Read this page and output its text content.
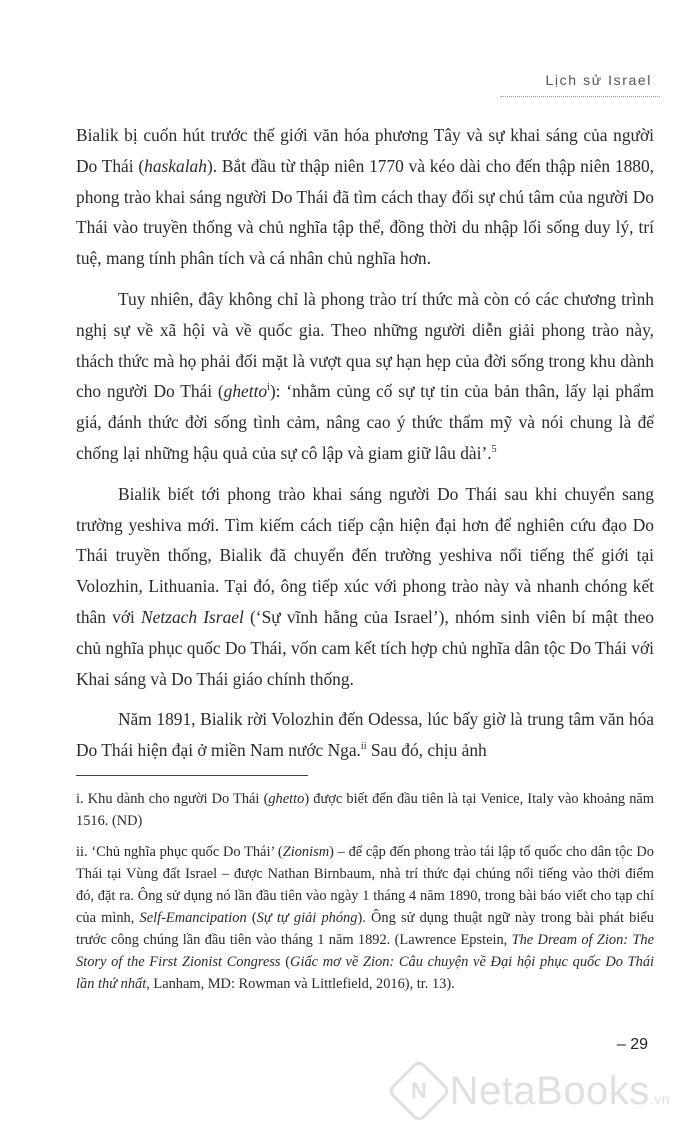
Lịch sử Israel

Bialik bị cuốn hút trước thế giới văn hóa phương Tây và sự khai sáng của người Do Thái (haskalah). Bắt đầu từ thập niên 1770 và kéo dài cho đến thập niên 1880, phong trào khai sáng người Do Thái đã tìm cách thay đổi sự chú tâm của người Do Thái vào truyền thống và chủ nghĩa tập thể, đồng thời du nhập lối sống duy lý, trí tuệ, mang tính phân tích và cá nhân chủ nghĩa hơn.

Tuy nhiên, đây không chỉ là phong trào trí thức mà còn có các chương trình nghị sự về xã hội và về quốc gia. Theo những người diễn giải phong trào này, thách thức mà họ phải đối mặt là vượt qua sự hạn hẹp của đời sống trong khu dành cho người Do Thái (ghetto$^i$): ‘nhằm củng cố sự tự tin của bản thân, lấy lại phẩm giá, đánh thức đời sống tình cảm, nâng cao ý thức thẩm mỹ và nói chung là để chống lại những hậu quả của sự cô lập và giam giữ lâu dài’.$^5$

Bialik biết tới phong trào khai sáng người Do Thái sau khi chuyển sang trường yeshiva mới. Tìm kiếm cách tiếp cận hiện đại hơn để nghiên cứu đạo Do Thái truyền thống, Bialik đã chuyển đến trường yeshiva nổi tiếng thế giới tại Volozhin, Lithuania. Tại đó, ông tiếp xúc với phong trào này và nhanh chóng kết thân với Netzach Israel (‘Sự vĩnh hằng của Israel’), nhóm sinh viên bí mật theo chủ nghĩa phục quốc Do Thái, vốn cam kết tích hợp chủ nghĩa dân tộc Do Thái với Khai sáng và Do Thái giáo chính thống.

Năm 1891, Bialik rời Volozhin đến Odessa, lúc bấy giờ là trung tâm văn hóa Do Thái hiện đại ở miền Nam nước Nga.$^{ii}$ Sau đó, chịu ảnh

i. Khu dành cho người Do Thái (ghetto) được biết đến đầu tiên là tại Venice, Italy vào khoảng năm 1516. (ND)

ii. ‘Chủ nghĩa phục quốc Do Thái’ (Zionism) – để cập đến phong trào tái lập tổ quốc cho dân tộc Do Thái tại Vùng đất Israel – được Nathan Birnbaum, nhà trí thức đại chúng nổi tiếng vào thời điểm đó, đặt ra. Ông sử dụng nó lần đầu tiên vào ngày 1 tháng 4 năm 1890, trong bài báo viết cho tạp chí của mình, Self-Emancipation (Sự tự giải phóng). Ông sử dụng thuật ngữ này trong bài phát biểu trước công chúng lần đầu tiên vào tháng 1 năm 1892. (Lawrence Epstein, The Dream of Zion: The Story of the First Zionist Congress (Giấc mơ về Zion: Câu chuyện về Đại hội phục quốc Do Thái lần thứ nhất, Lanham, MD: Rowman và Littlefield, 2016), tr. 13).

– 29
N NetaBooks.vn
